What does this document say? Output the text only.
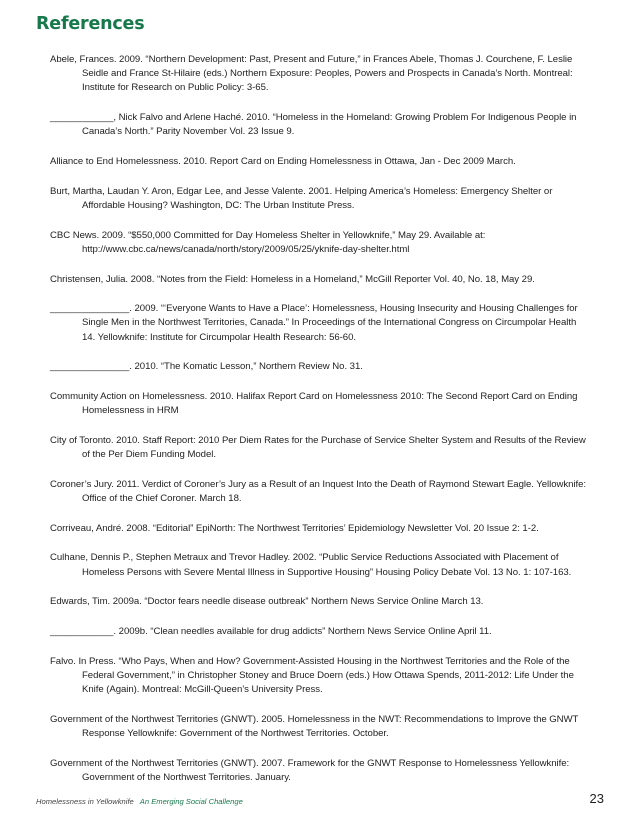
References
Abele, Frances. 2009. “Northern Development: Past, Present and Future,” in Frances Abele, Thomas J. Courchene, F. Leslie Seidle and France St-Hilaire (eds.) Northern Exposure: Peoples, Powers and Prospects in Canada’s North. Montreal: Institute for Research on Public Policy: 3-65.
____________, Nick Falvo and Arlene Haché. 2010. “Homeless in the Homeland: Growing Problem For Indigenous People in Canada’s North.” Parity November Vol. 23 Issue 9.
Alliance to End Homelessness. 2010. Report Card on Ending Homelessness in Ottawa, Jan - Dec 2009 March.
Burt, Martha, Laudan Y. Aron, Edgar Lee, and Jesse Valente. 2001. Helping America’s Homeless: Emergency Shelter or Affordable Housing? Washington, DC: The Urban Institute Press.
CBC News. 2009. “$550,000 Committed for Day Homeless Shelter in Yellowknife,” May 29. Available at: http://www.cbc.ca/news/canada/north/story/2009/05/25/yknife-day-shelter.html
Christensen, Julia. 2008. “Notes from the Field: Homeless in a Homeland,” McGill Reporter Vol. 40, No. 18, May 29.
_______________. 2009. “‘Everyone Wants to Have a Place’: Homelessness, Housing Insecurity and Housing Challenges for Single Men in the Northwest Territories, Canada.” In Proceedings of the International Congress on Circumpolar Health 14. Yellowknife: Institute for Circumpolar Health Research: 56-60.
_______________. 2010. “The Komatic Lesson,” Northern Review No. 31.
Community Action on Homelessness. 2010. Halifax Report Card on Homelessness 2010: The Second Report Card on Ending Homelessness in HRM
City of Toronto. 2010. Staff Report: 2010 Per Diem Rates for the Purchase of Service Shelter System and Results of the Review of the Per Diem Funding Model.
Coroner’s Jury. 2011. Verdict of Coroner’s Jury as a Result of an Inquest Into the Death of Raymond Stewart Eagle. Yellowknife: Office of the Chief Coroner. March 18.
Corriveau, André. 2008. “Editorial” EpiNorth: The Northwest Territories’ Epidemiology Newsletter Vol. 20 Issue 2: 1-2.
Culhane, Dennis P., Stephen Metraux and Trevor Hadley. 2002. “Public Service Reductions Associated with Placement of Homeless Persons with Severe Mental Illness in Supportive Housing” Housing Policy Debate Vol. 13 No. 1: 107-163.
Edwards, Tim. 2009a. “Doctor fears needle disease outbreak” Northern News Service Online March 13.
____________. 2009b. “Clean needles available for drug addicts” Northern News Service Online April 11.
Falvo. In Press. “Who Pays, When and How? Government-Assisted Housing in the Northwest Territories and the Role of the Federal Government,” in Christopher Stoney and Bruce Doern (eds.) How Ottawa Spends, 2011-2012: Life Under the Knife (Again). Montreal: McGill-Queen’s University Press.
Government of the Northwest Territories (GNWT). 2005. Homelessness in the NWT: Recommendations to Improve the GNWT Response Yellowknife: Government of the Northwest Territories. October.
Government of the Northwest Territories (GNWT). 2007. Framework for the GNWT Response to Homelessness Yellowknife: Government of the Northwest Territories. January.
Homelessness in Yellowknife An Emerging Social Challenge	23
